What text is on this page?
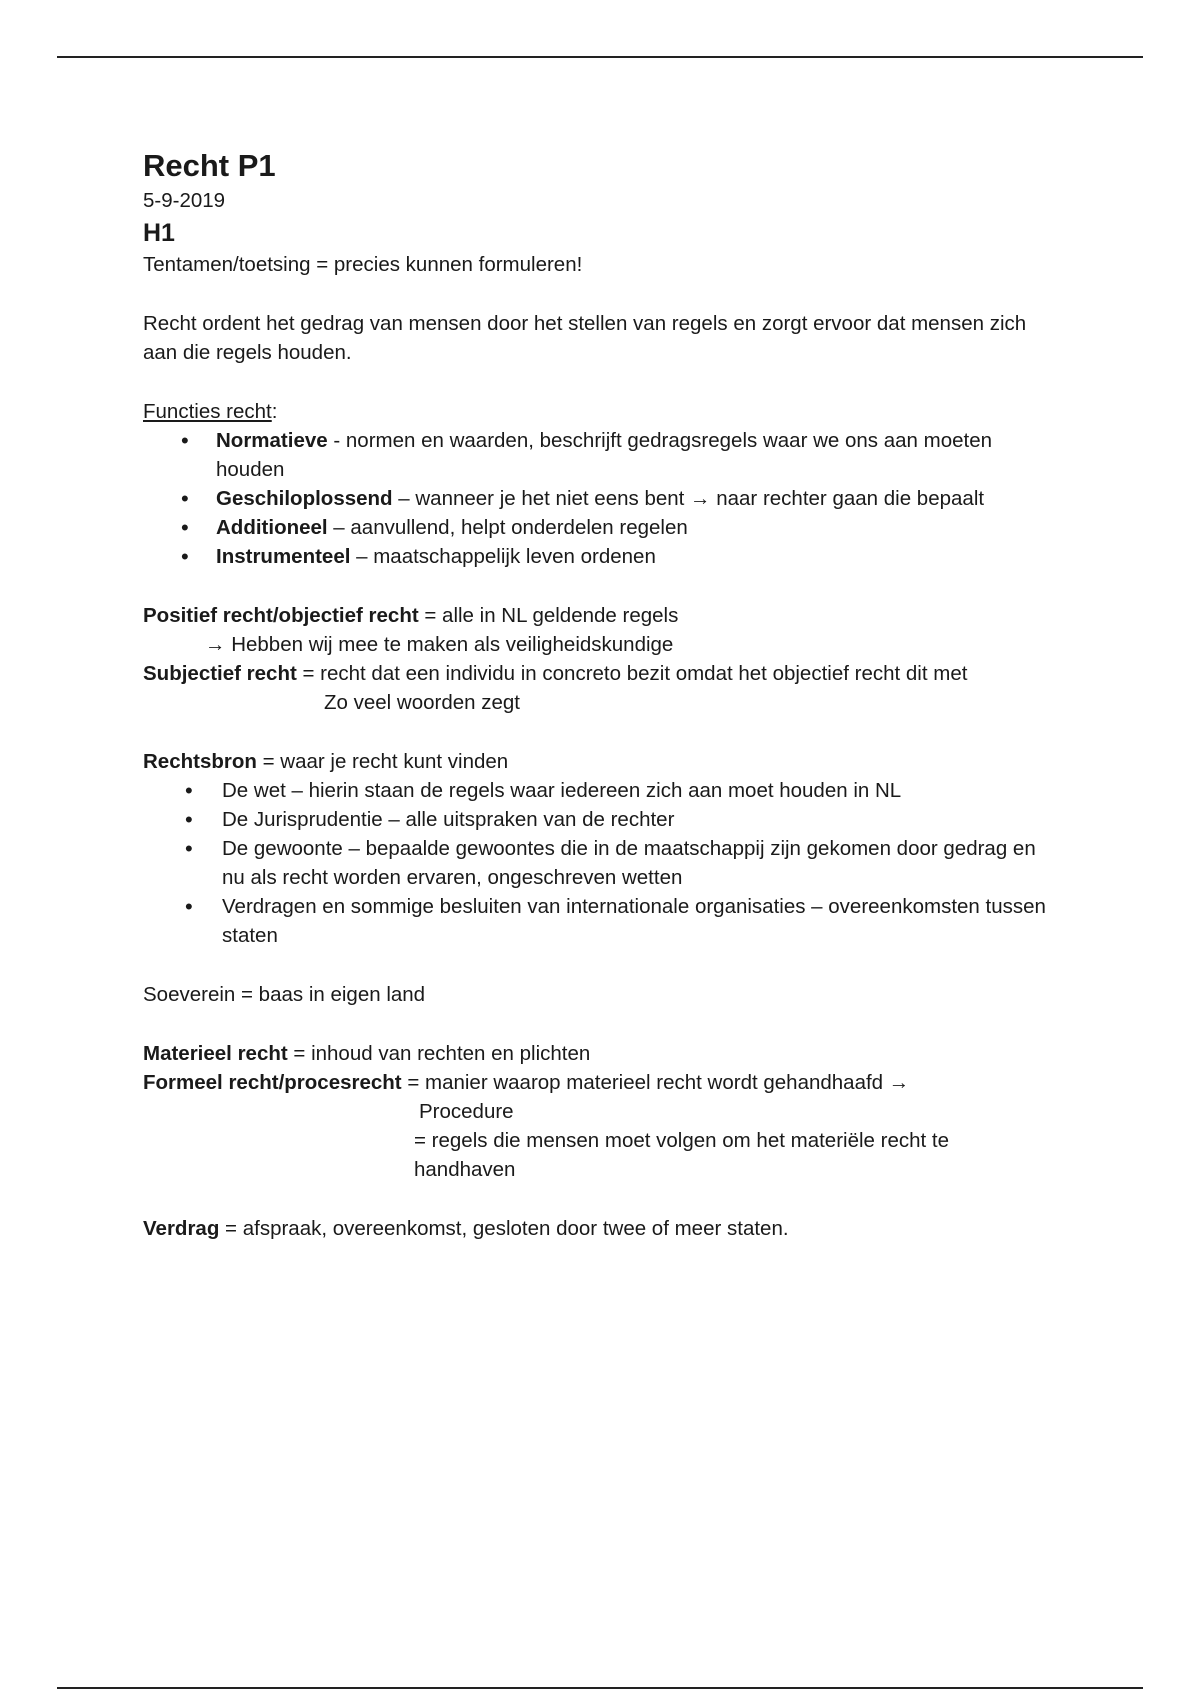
Recht P1

5-9-2019

H1

Tentamen/toetsing = precies kunnen formuleren!

Recht ordent het gedrag van mensen door het stellen van regels en zorgt ervoor dat mensen zich aan die regels houden.

Functies recht:

• Normatieve - normen en waarden, beschrijft gedragsregels waar we ons aan moeten houden
• Geschiloplossend – wanneer je het niet eens bent → naar rechter gaan die bepaalt
• Additioneel – aanvullend, helpt onderdelen regelen
• Instrumenteel – maatschappelijk leven ordenen

Positief recht/objectief recht = alle in NL geldende regels

→ Hebben wij mee te maken als veiligheidskundige

Subjectief recht = recht dat een individu in concreto bezit omdat het objectief recht dit met

Zo veel woorden zegt

Rechtsbron = waar je recht kunt vinden

• De wet – hierin staan de regels waar iedereen zich aan moet houden in NL
• De Jurisprudentie – alle uitspraken van de rechter
• De gewoonte – bepaalde gewoontes die in de maatschappij zijn gekomen door gedrag en nu als recht worden ervaren, ongeschreven wetten
• Verdragen en sommige besluiten van internationale organisaties – overeenkomsten tussen staten

Soeverein = baas in eigen land

Materieel recht = inhoud van rechten en plichten

Formeel recht/procesrecht = manier waarop materieel recht wordt gehandhaafd →

Procedure

= regels die mensen moet volgen om het materiële recht te

handhaven

Verdrag = afspraak, overeenkomst, gesloten door twee of meer staten.
